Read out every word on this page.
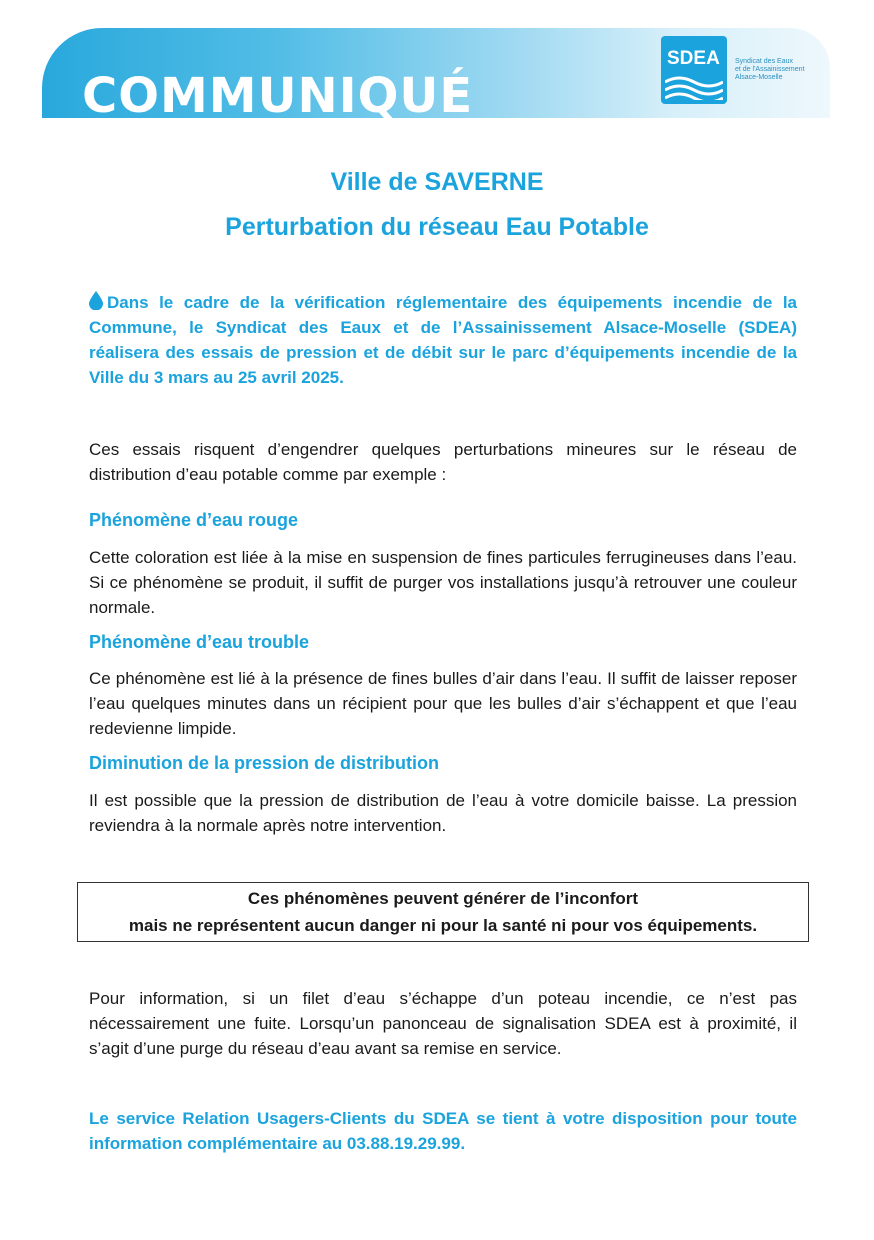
COMMUNIQUÉ
SDEA Syndicat des Eaux
et de l'Assainissement
Alsace-Moselle
Ville de SAVERNE
Perturbation du réseau Eau Potable
Dans le cadre de la vérification réglementaire des équipements incendie de la Commune, le Syndicat des Eaux et de l’Assainissement Alsace-Moselle (SDEA) réalisera des essais de pression et de débit sur le parc d’équipements incendie de la Ville du 3 mars au 25 avril 2025.
Ces essais risquent d’engendrer quelques perturbations mineures sur le réseau de distribution d’eau potable comme par exemple :
Phénomène d’eau rouge
Cette coloration est liée à la mise en suspension de fines particules ferrugineuses dans l’eau. Si ce phénomène se produit, il suffit de purger vos installations jusqu’à retrouver une couleur normale.
Phénomène d’eau trouble
Ce phénomène est lié à la présence de fines bulles d’air dans l’eau. Il suffit de laisser reposer l’eau quelques minutes dans un récipient pour que les bulles d’air s’échappent et que l’eau redevienne limpide.
Diminution de la pression de distribution
Il est possible que la pression de distribution de l’eau à votre domicile baisse. La pression reviendra à la normale après notre intervention.
Ces phénomènes peuvent générer de l’inconfort
mais ne représentent aucun danger ni pour la santé ni pour vos équipements.
Pour information, si un filet d’eau s’échappe d’un poteau incendie, ce n’est pas nécessairement une fuite. Lorsqu’un panonceau de signalisation SDEA est à proximité, il s’agit d’une purge du réseau d’eau avant sa remise en service.
Le service Relation Usagers-Clients du SDEA se tient à votre disposition pour toute information complémentaire au 03.88.19.29.99.
